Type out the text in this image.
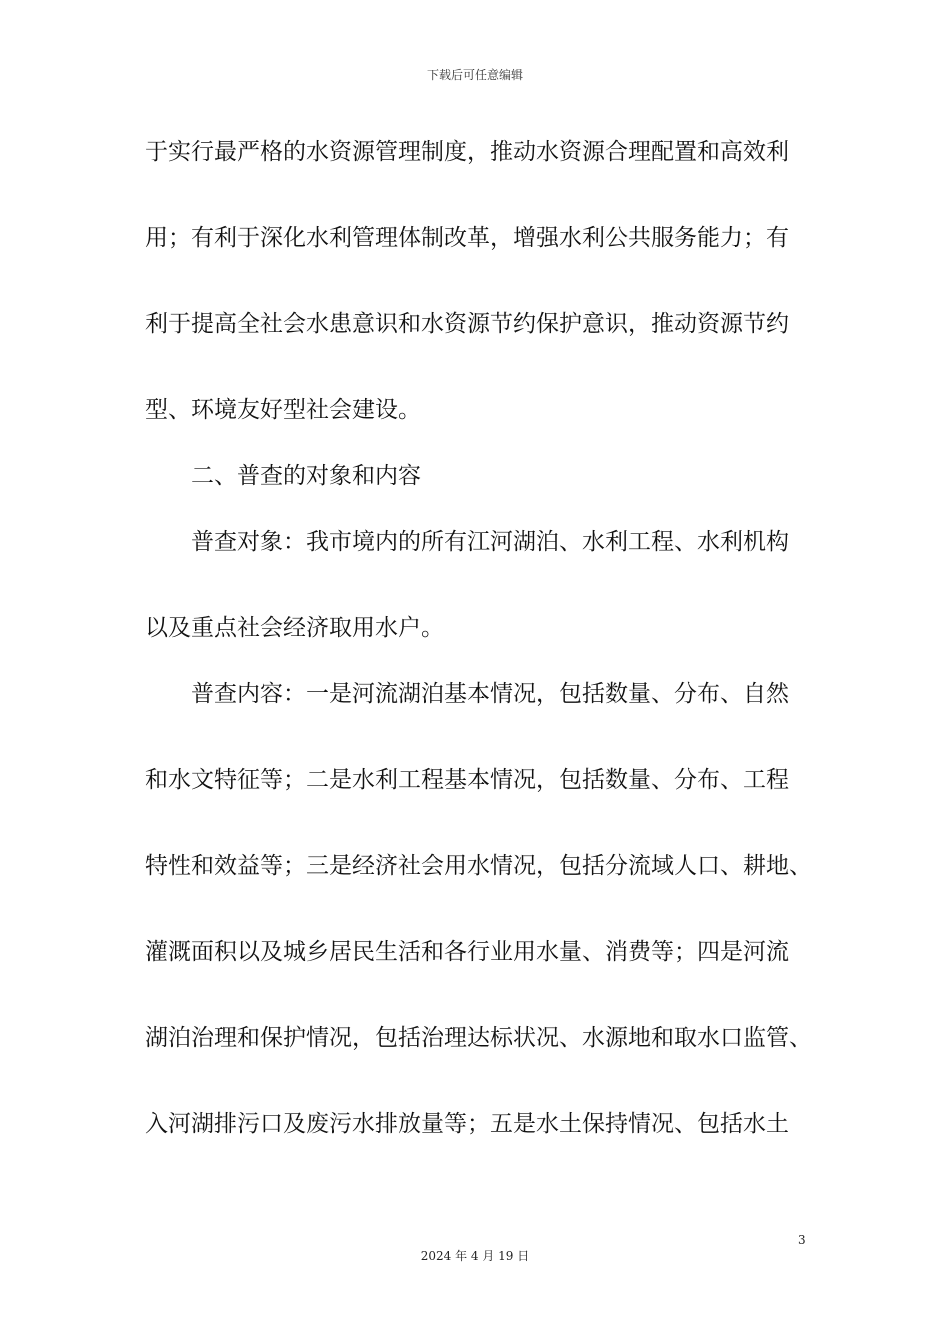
下载后可任意编辑
于实行最严格的水资源管理制度，推动水资源合理配置和高效利
用；有利于深化水利管理体制改革，增强水利公共服务能力；有
利于提高全社会水患意识和水资源节约保护意识，推动资源节约
型、环境友好型社会建设。
二、普查的对象和内容
普查对象：我市境内的所有江河湖泊、水利工程、水利机构
以及重点社会经济取用水户。
普查内容：一是河流湖泊基本情况，包括数量、分布、自然
和水文特征等；二是水利工程基本情况，包括数量、分布、工程
特性和效益等；三是经济社会用水情况，包括分流域人口、耕地、
灌溉面积以及城乡居民生活和各行业用水量、消费等；四是河流
湖泊治理和保护情况，包括治理达标状况、水源地和取水口监管、
入河湖排污口及废污水排放量等；五是水土保持情况、包括水土
3
2024 年 4 月 19 日
